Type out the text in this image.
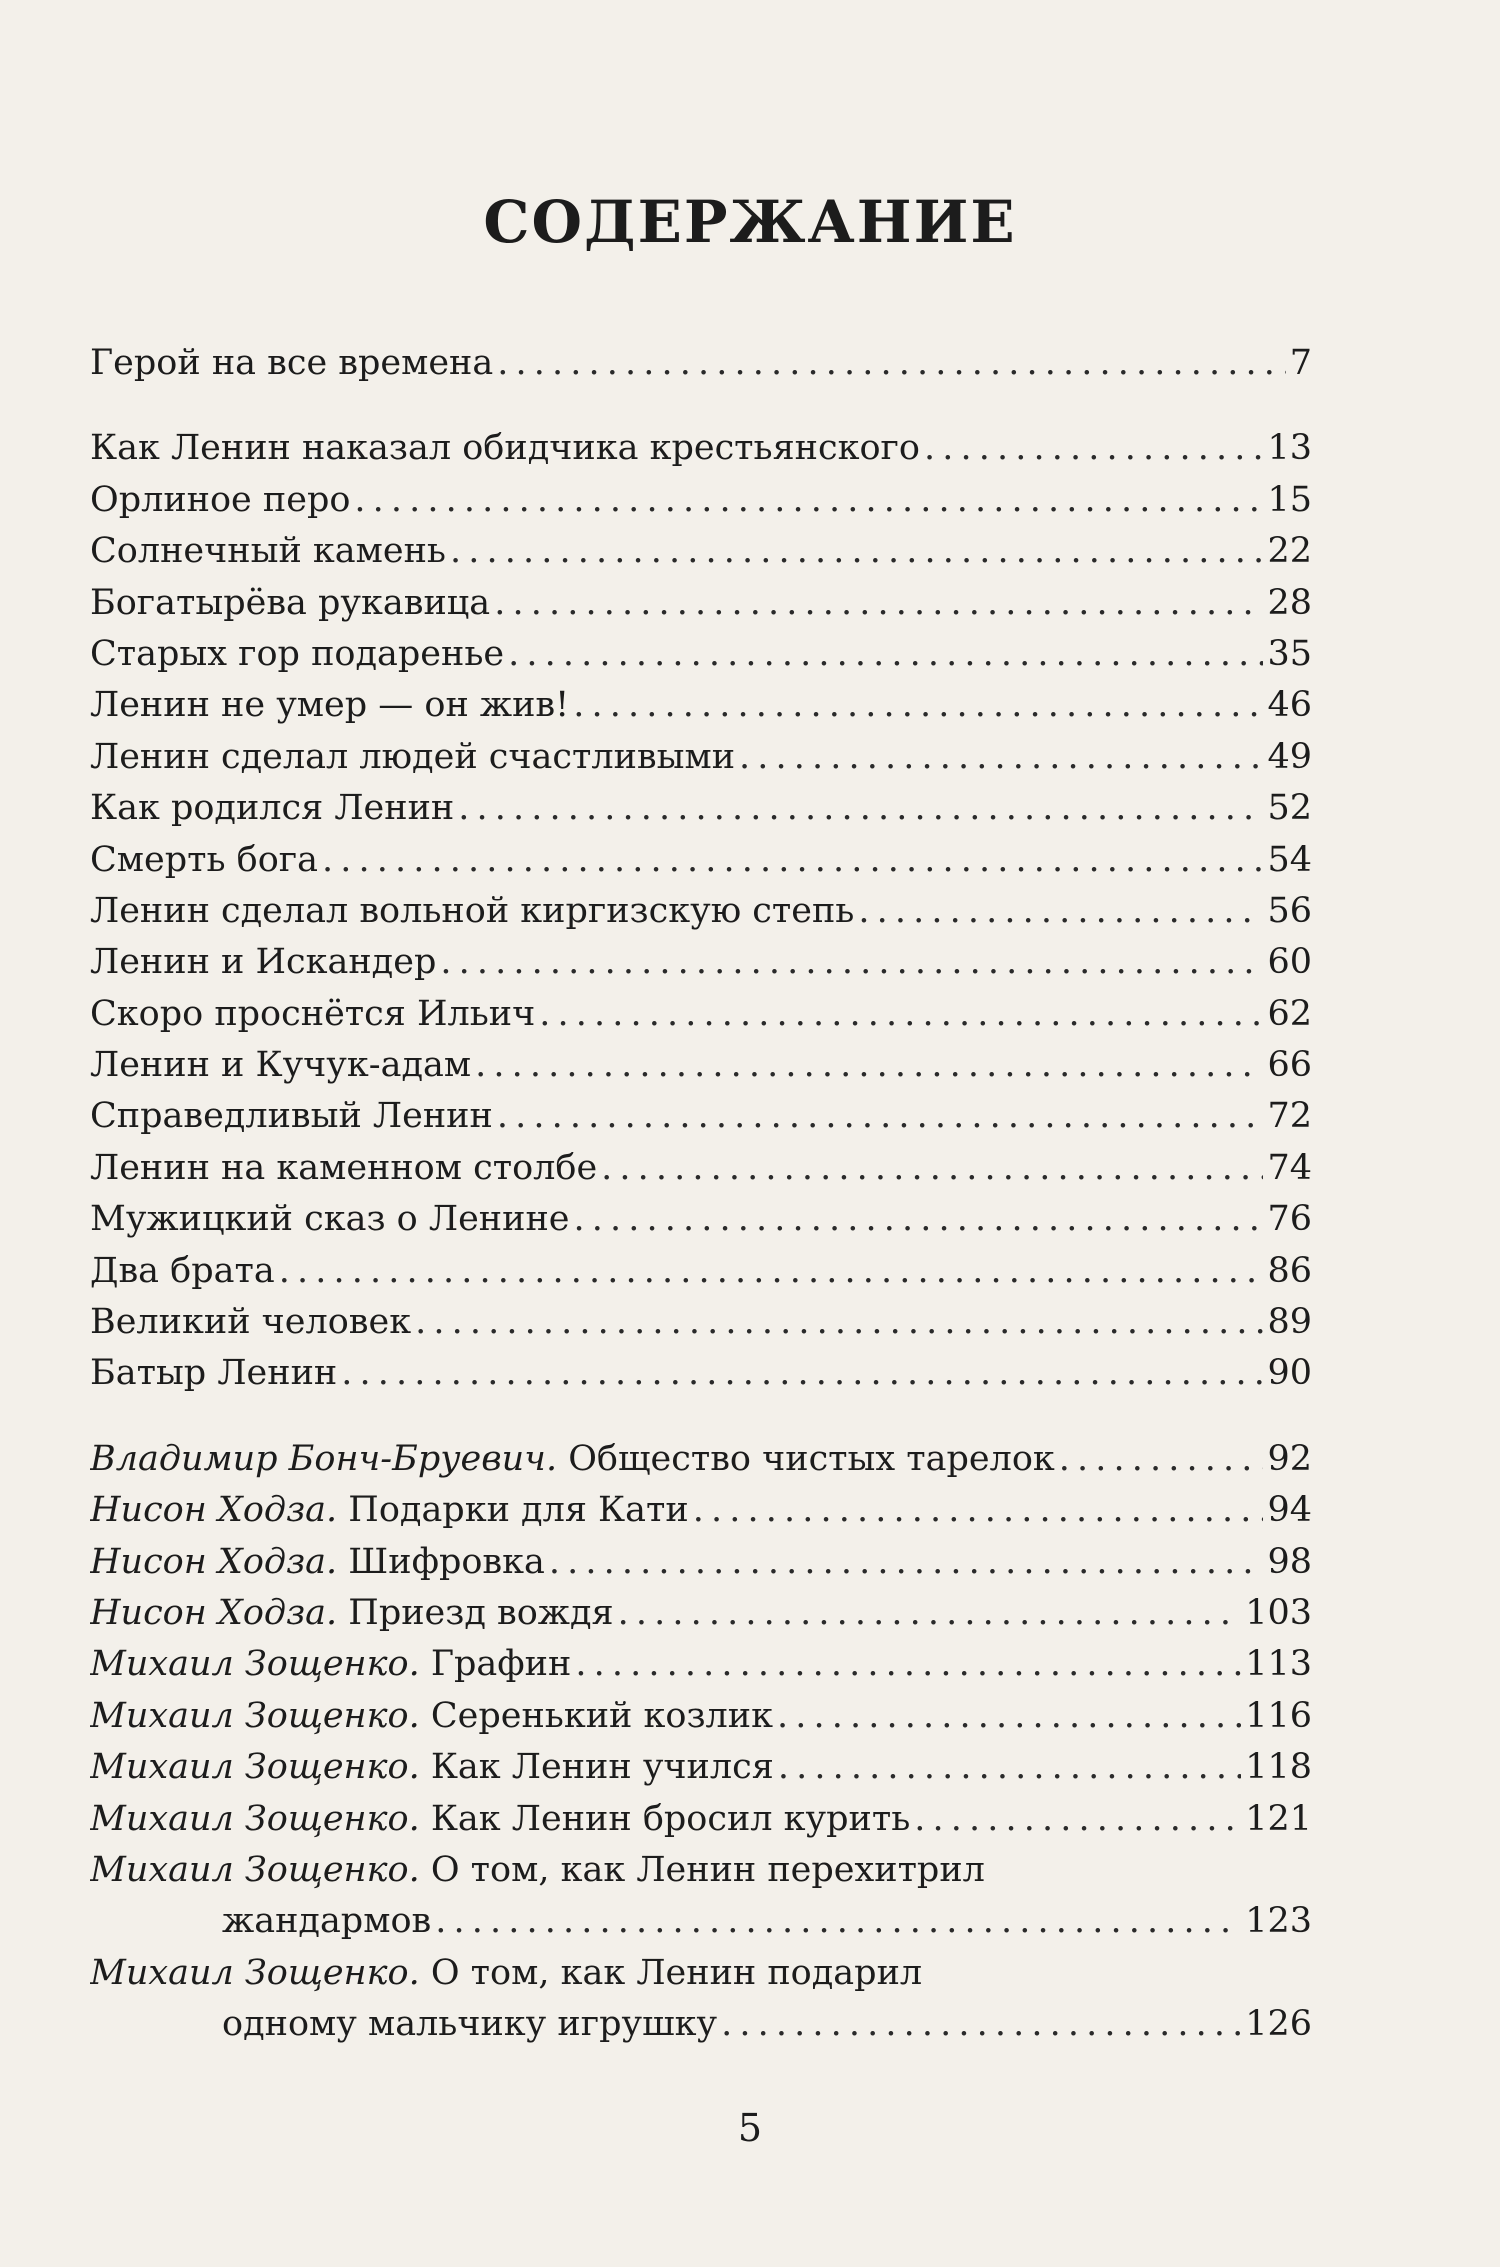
СОДЕРЖАНИЕ
Герой на все времена . . .	7
Как Ленин наказал обидчика крестьянского . . .	13
Орлиное перо . . .	15
Солнечный камень . . .	22
Богатырёва рукавица . . .	28
Старых гор подаренье . . .	35
Ленин не умер — он жив! . . .	46
Ленин сделал людей счастливыми . . .	49
Как родился Ленин . . .	52
Смерть бога . . .	54
Ленин сделал вольной киргизскую степь . . .	56
Ленин и Искандер . . .	60
Скоро проснётся Ильич . . .	62
Ленин и Кучук-адам . . .	66
Справедливый Ленин . . .	72
Ленин на каменном столбе . . .	74
Мужицкий сказ о Ленине . . .	76
Два брата . . .	86
Великий человек . . .	89
Батыр Ленин . . .	90
Владимир Бонч-Бруевич. Общество чистых тарелок . . .	92
Нисон Ходза. Подарки для Кати . . .	94
Нисон Ходза. Шифровка . . .	98
Нисон Ходза. Приезд вождя . . .	103
Михаил Зощенко. Графин . . .	113
Михаил Зощенко. Серенький козлик . . .	116
Михаил Зощенко. Как Ленин учился . . .	118
Михаил Зощенко. Как Ленин бросил курить . . .	121
Михаил Зощенко. О том, как Ленин перехитрил
жандармов . . .	123
Михаил Зощенко. О том, как Ленин подарил
одному мальчику игрушку . . .	126
5
